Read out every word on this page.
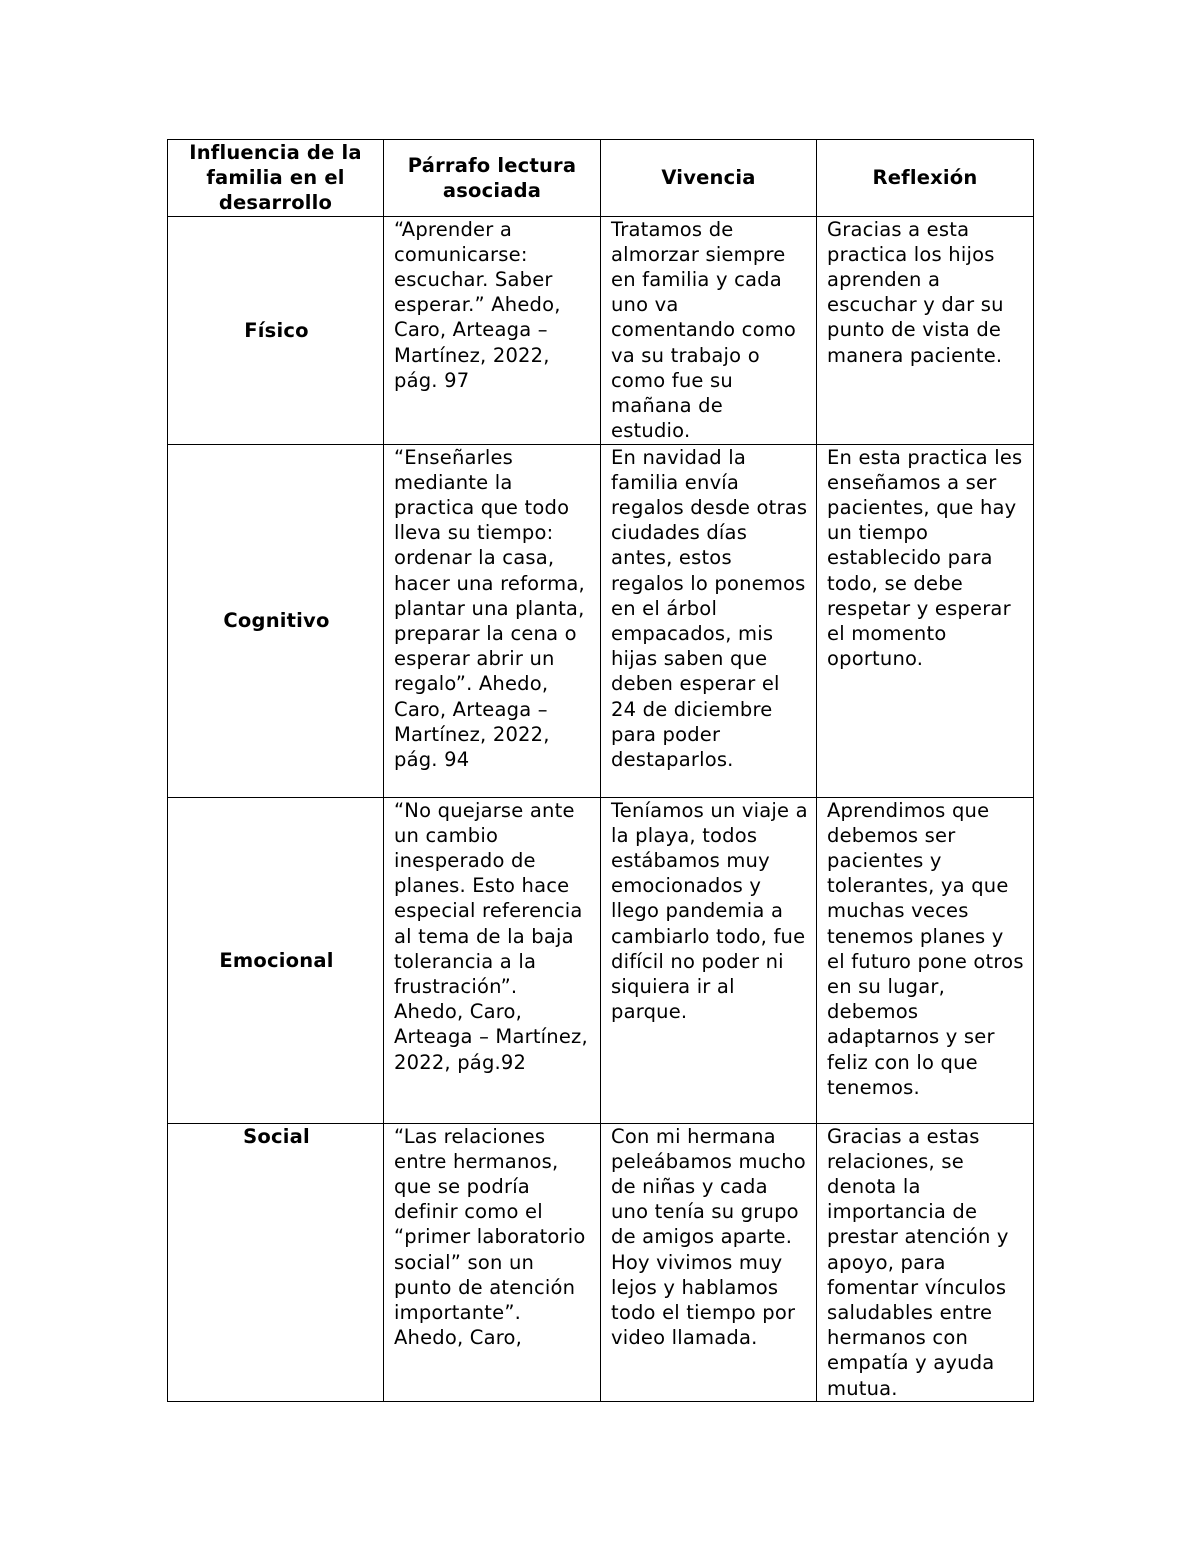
Influencia de la familia en el desarrollo	Párrafo lectura asociada	Vivencia	Reflexión
Físico	“Aprender a comunicarse: escuchar. Saber esperar.” Ahedo, Caro, Arteaga – Martínez, 2022, pág. 97	Tratamos de almorzar siempre en familia y cada uno va comentando como va su trabajo o como fue su mañana de estudio.	Gracias a esta practica los hijos aprenden a escuchar y dar su punto de vista de manera paciente.
Cognitivo	“Enseñarles mediante la practica que todo lleva su tiempo: ordenar la casa, hacer una reforma, plantar una planta, preparar la cena o esperar abrir un regalo”. Ahedo, Caro, Arteaga – Martínez, 2022, pág. 94	En navidad la familia envía regalos desde otras ciudades días antes, estos regalos lo ponemos en el árbol empacados, mis hijas saben que deben esperar el 24 de diciembre para poder destaparlos.	En esta practica les enseñamos a ser pacientes, que hay un tiempo establecido para todo, se debe respetar y esperar el momento oportuno.
Emocional	“No quejarse ante un cambio inesperado de planes. Esto hace especial referencia al tema de la baja tolerancia a la frustración”. Ahedo, Caro, Arteaga – Martínez, 2022, pág.92	Teníamos un viaje a la playa, todos estábamos muy emocionados y llego pandemia a cambiarlo todo, fue difícil no poder ni siquiera ir al parque.	Aprendimos que debemos ser pacientes y tolerantes, ya que muchas veces tenemos planes y el futuro pone otros en su lugar, debemos adaptarnos y ser feliz con lo que tenemos.
Social	“Las relaciones entre hermanos, que se podría definir como el “primer laboratorio social” son un punto de atención importante”. Ahedo, Caro,	Con mi hermana peleábamos mucho de niñas y cada uno tenía su grupo de amigos aparte. Hoy vivimos muy lejos y hablamos todo el tiempo por video llamada.	Gracias a estas relaciones, se denota la importancia de prestar atención y apoyo, para fomentar vínculos saludables entre hermanos con empatía y ayuda mutua.
